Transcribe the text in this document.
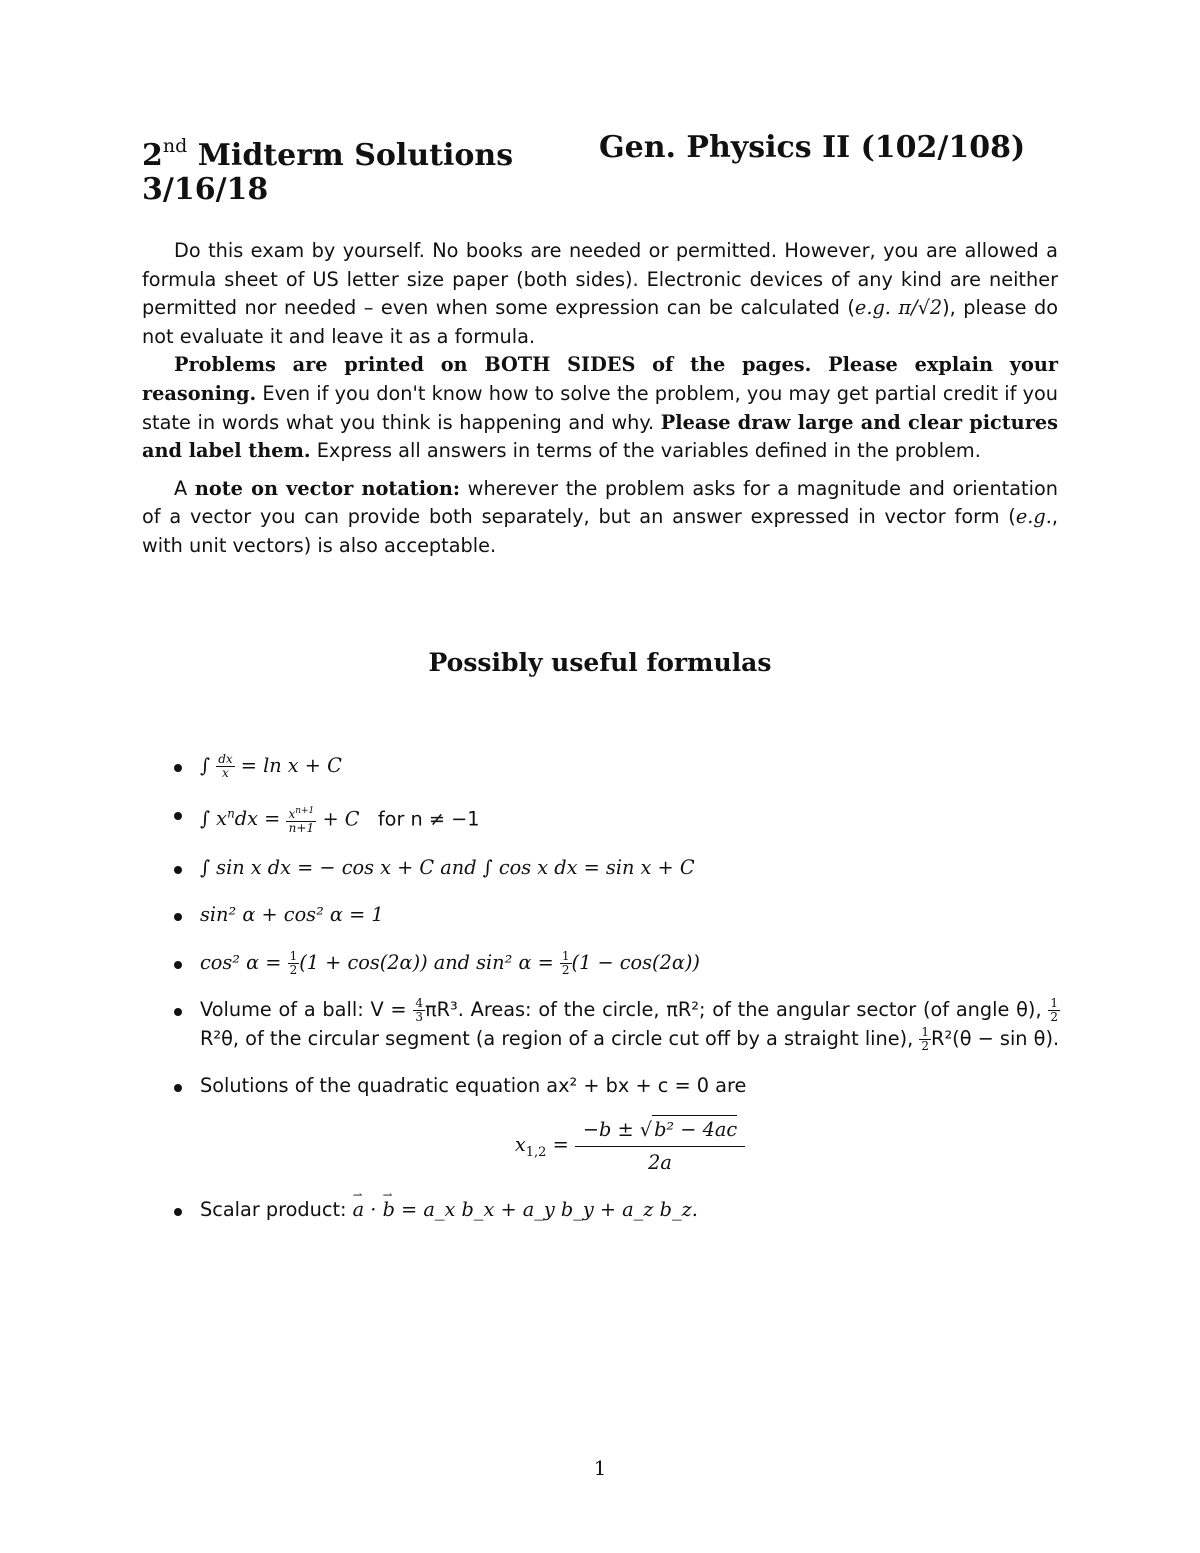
2nd Midterm Solutions	Gen. Physics II (102/108)
3/16/18

Do this exam by yourself. No books are needed or permitted. However, you are allowed a formula sheet of US letter size paper (both sides). Electronic devices of any kind are neither permitted nor needed – even when some expression can be calculated (e.g. π/√2), please do not evaluate it and leave it as a formula.

Problems are printed on BOTH SIDES of the pages. Please explain your reasoning. Even if you don't know how to solve the problem, you may get partial credit if you state in words what you think is happening and why. Please draw large and clear pictures and label them. Express all answers in terms of the variables defined in the problem.

A note on vector notation: wherever the problem asks for a magnitude and orientation of a vector you can provide both separately, but an answer expressed in vector form (e.g., with unit vectors) is also acceptable.

Possibly useful formulas
∫ $\frac{dx}{x} = \ln x + C$
∫ $x^ndx = \frac{x^{n+1}}{n+1} + C$ for n ≠ −1
∫ sin x dx = − cos x + C and ∫ cos x dx = sin x + C
sin² α + cos² α = 1
cos² $\alpha = \frac{1}{2} (1 + \cos(2\alpha))$ and sin² $\alpha = \frac{1}{2} (1 - \cos(2\alpha))$
Volume of a ball: $V = \frac{4}{3} \pi R^3$. Areas: of the circle, πR²; of the angular sector (of angle θ), $\frac{1}{2}$
R²θ, of the circular segment (a region of a circle cut off by a straight line), $\frac{1}{2} R^2(\theta - \sin \theta)$.
Solutions of the quadratic equation ax² + bx + c = 0 are
$x_{1,2} = \frac{\text{−b ± √ b² − 4ac}}{2a}$
Scalar product: ⇀ a · ⇀ b = a_x b_x + a_y b_y + a_z b_z.
1
